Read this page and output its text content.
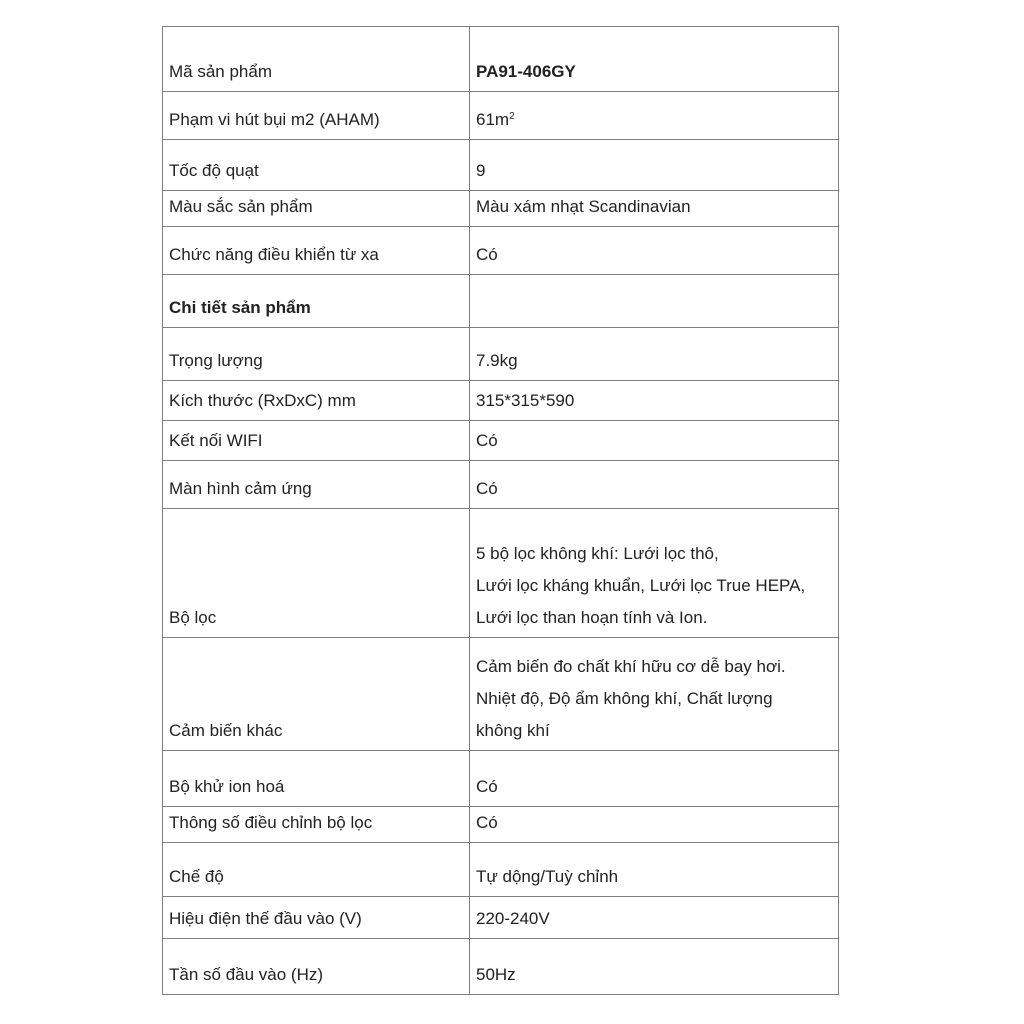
Mã sản phẩm	PA91-406GY
Phạm vi hút bụi m2 (AHAM)	$61m^2$
Tốc độ quạt	9
Màu sắc sản phẩm	Màu xám nhạt Scandinavian
Chức năng điều khiển từ xa	Có
Chi tiết sản phẩm	
Trọng lượng	7.9kg
Kích thước (RxDxC) mm	315*315*590
Kết nối WIFI	Có
Màn hình cảm ứng	Có
Bộ lọc	5 bộ lọc không khí: Lưới lọc thô,
Lưới lọc kháng khuẩn, Lưới lọc True HEPA,
Lưới lọc than hoạn tính và Ion.

Cảm biến khác	Cảm biến đo chất khí hữu cơ dễ bay hơi.
Nhiệt độ, Độ ẩm không khí, Chất lượng
không khí

Bộ khử ion hoá	Có
Thông số điều chỉnh bộ lọc	Có
Chế độ	Tự dộng/Tuỳ chỉnh
Hiệu điện thế đầu vào (V)	220-240V
Tần số đầu vào (Hz)	50Hz
